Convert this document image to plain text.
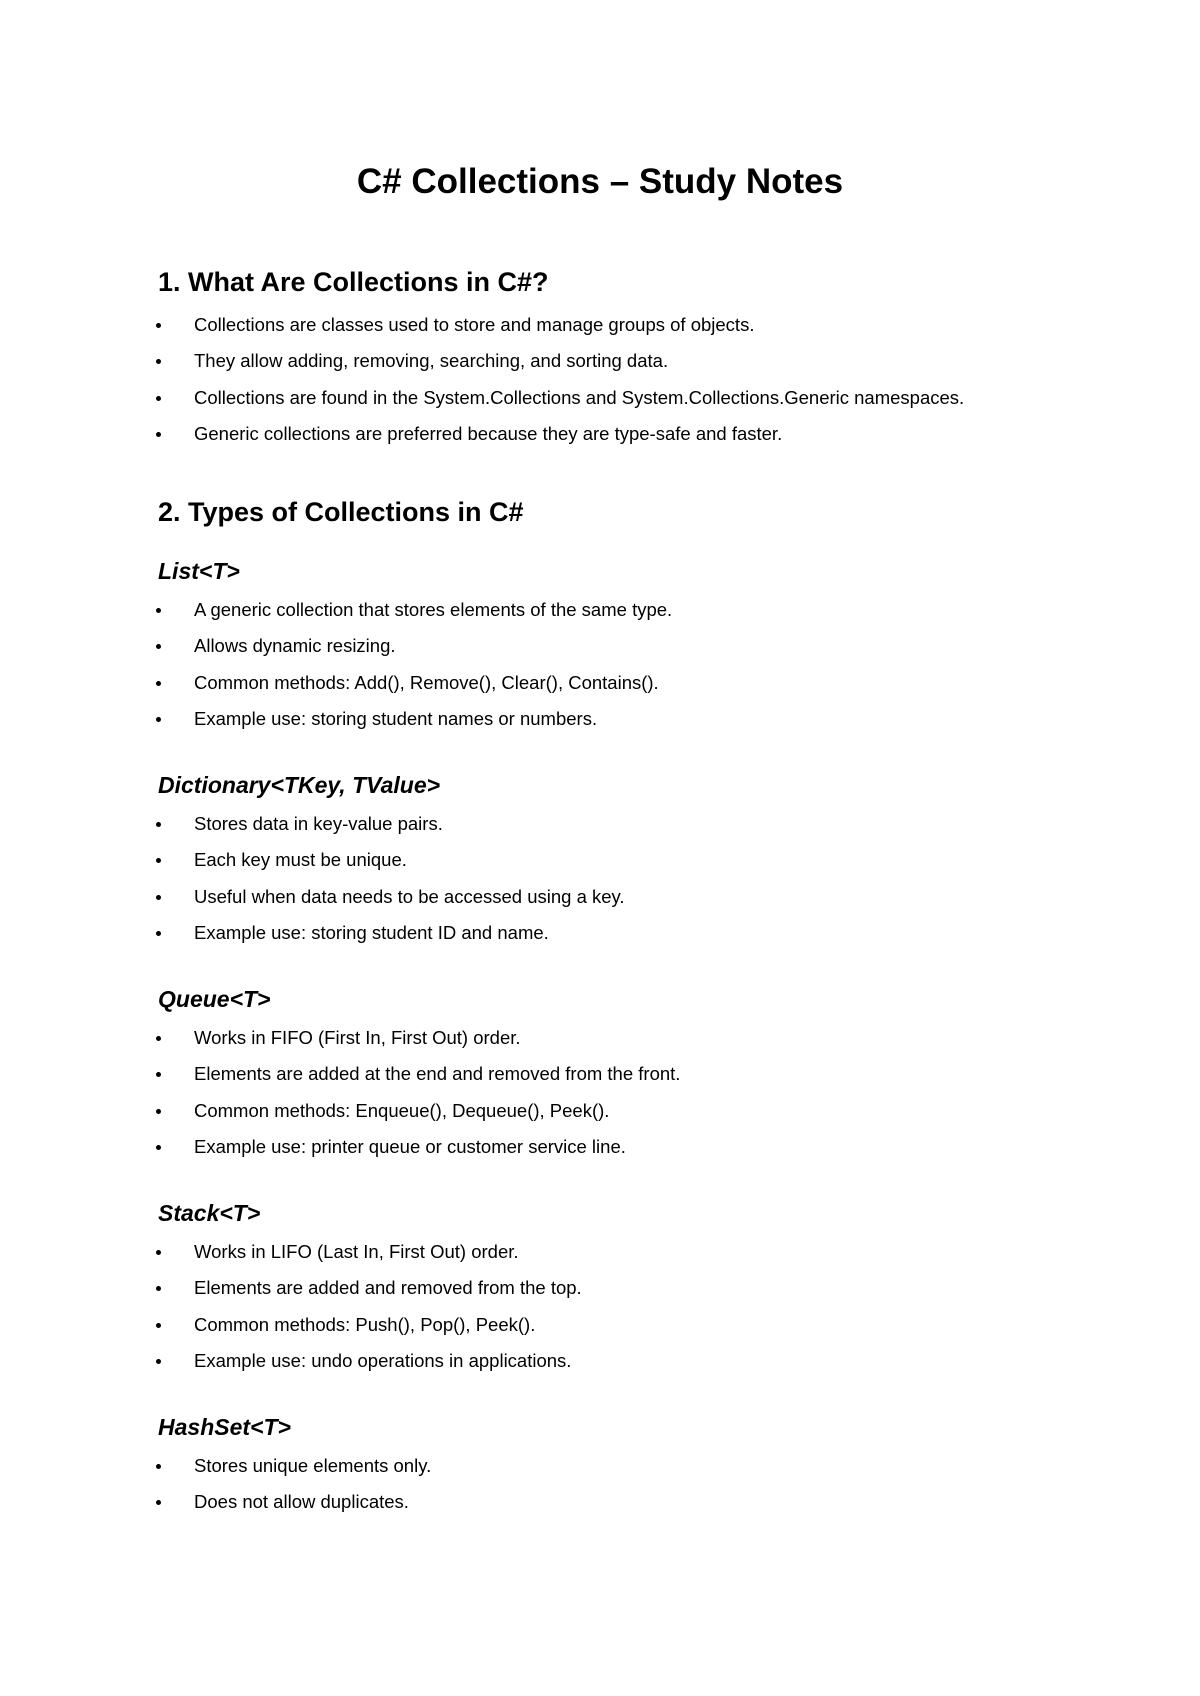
C# Collections – Study Notes
1. What Are Collections in C#?
Collections are classes used to store and manage groups of objects.
They allow adding, removing, searching, and sorting data.
Collections are found in the System.Collections and System.Collections.Generic namespaces.
Generic collections are preferred because they are type-safe and faster.
2. Types of Collections in C#
List<T>
A generic collection that stores elements of the same type.
Allows dynamic resizing.
Common methods: Add(), Remove(), Clear(), Contains().
Example use: storing student names or numbers.
Dictionary<TKey, TValue>
Stores data in key-value pairs.
Each key must be unique.
Useful when data needs to be accessed using a key.
Example use: storing student ID and name.
Queue<T>
Works in FIFO (First In, First Out) order.
Elements are added at the end and removed from the front.
Common methods: Enqueue(), Dequeue(), Peek().
Example use: printer queue or customer service line.
Stack<T>
Works in LIFO (Last In, First Out) order.
Elements are added and removed from the top.
Common methods: Push(), Pop(), Peek().
Example use: undo operations in applications.
HashSet<T>
Stores unique elements only.
Does not allow duplicates.
